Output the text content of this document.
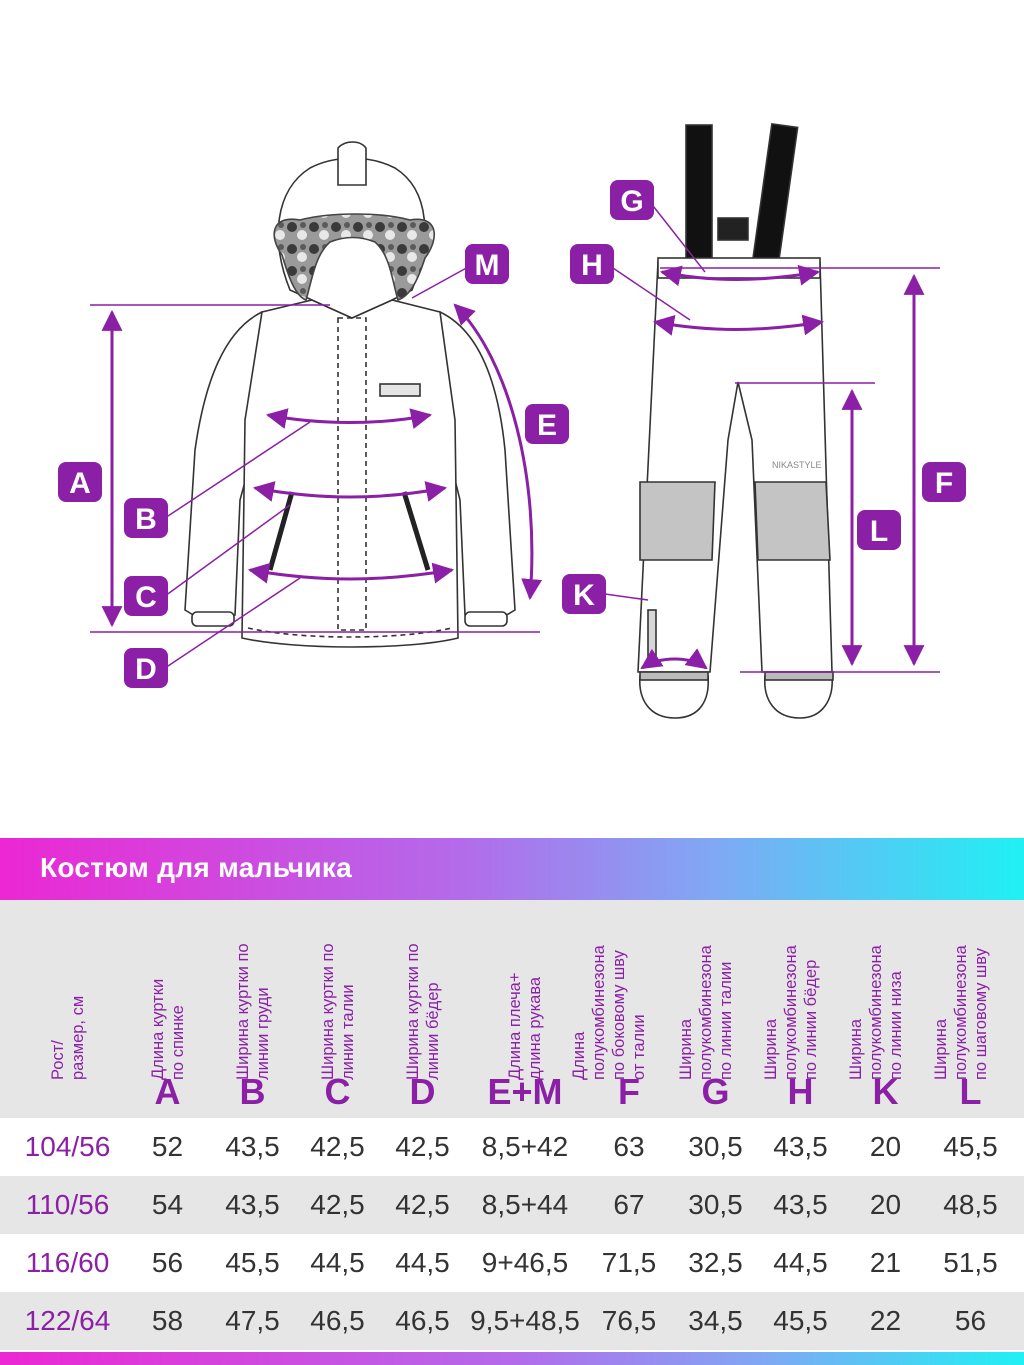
NIKASTYLE
A
B
C
D
E
M
G
H
F
L
K
Костюм для мальчика
Рост/
размер, см
Длина куртки
по спинке
A
Ширина куртки по
линии груди
B
Ширина куртки по
линии талии
C
Ширина куртки по
линии бёдер
D
Длина плеча+
длина рукава
E+M
Длина
полукомбинезона
по боковому шву
от талии
F
Ширина
полукомбинезона
по линии талии
G
Ширина
полукомбинезона
по линии бёдер
H
Ширина
полукомбинезона
по линии низа
K
Ширина
полукомбинезона
по шаговому шву
L
104/56	52	43,5	42,5	42,5	8,5+42	63	30,5	43,5	20	45,5
110/56	54	43,5	42,5	42,5	8,5+44	67	30,5	43,5	20	48,5
116/60	56	45,5	44,5	44,5	9+46,5	71,5	32,5	44,5	21	51,5
122/64	58	47,5	46,5	46,5 9,5+48,5 76,5	34,5	45,5	22	56
